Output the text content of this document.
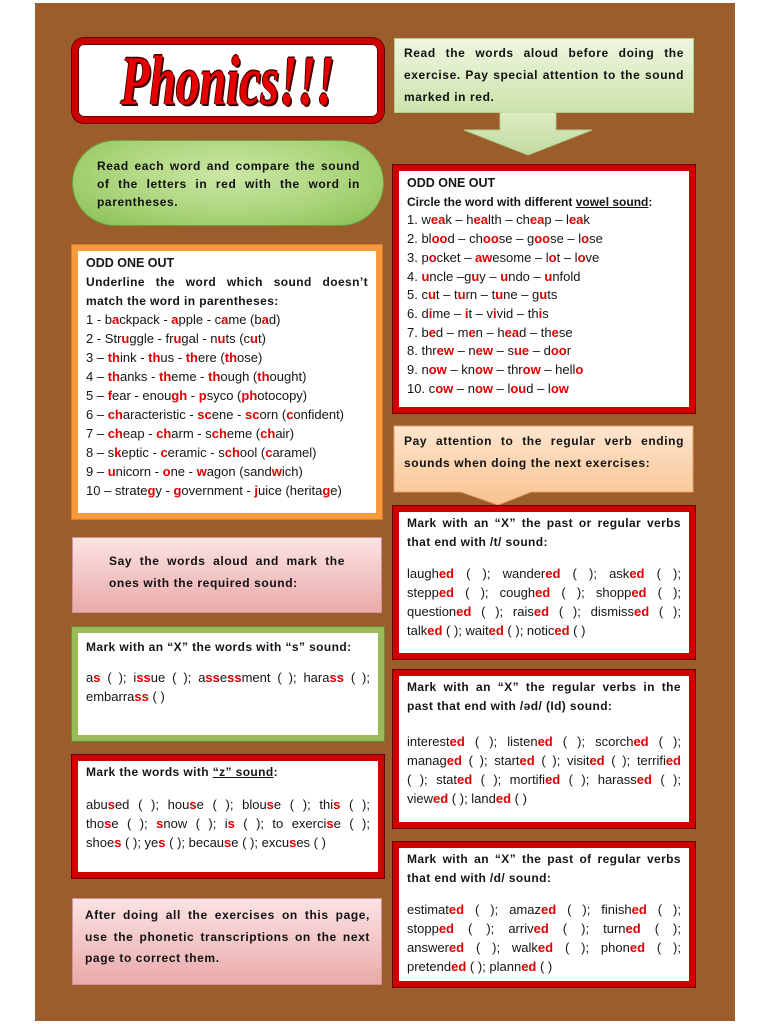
Phonics!!!	Read the words aloud before doing the exercise. Pay special attention to the sound marked in red.
Read each word and compare the sound of the letters in red with the word in parentheses.
ODD ONE OUT
Underline the word which sound doesn’t match the word in parentheses:
1 - backpack - apple - came (bad)
2 - Struggle - frugal - nuts (cut)
3 – think - thus - there (those)
4 – thanks - theme - though (thought)
5 – fear - enough - psyco (photocopy)
6 – characteristic - scene - scorn (confident)
7 – cheap - charm - scheme (chair)
8 – skeptic - ceramic - school (caramel)
9 – unicorn - one - wagon (sandwich)
10 – strategy - government - juice (heritage)
ODD ONE OUT
Circle the word with different vowel sound:
1. weak – health – cheap – leak
2. blood – choose – goose – lose
3. pocket – awesome – lot – love
4. uncle –guy – undo – unfold
5. cut – turn – tune – guts
6. dime – it – vivid – this
7. bed – men – head – these
8. threw – new – sue – door
9. now – know – throw – hello
10. cow – now – loud – low
Pay attention to the regular verb ending sounds when doing the next exercises:
Say the words aloud and mark the ones with the required sound:
Mark with an “X” the words with “s” sound:
as ( ); issue ( ); assessment ( ); harass ( );
embarrass ( )
Mark the words with “z” sound:
abused ( ); house ( ); blouse ( ); this ( );
those ( ); snow ( ); is ( ); to exercise ( );
shoes ( ); yes ( ); because ( ); excuses ( )
After doing all the exercises on this page, use the phonetic transcriptions on the next page to correct them.
Mark with an “X” the past or regular verbs that end with /t/ sound:
laughed ( ); wandered ( ); asked ( );
stepped ( ); coughed ( ); shopped ( );
questioned ( ); raised ( ); dismissed ( );
talked ( ); waited ( ); noticed ( )
Mark with an “X” the regular verbs in the past that end with /əd/ (Id) sound:
interested ( ); listened ( ); scorched ( );
managed ( ); started ( ); visited ( ); terrified
( ); stated ( ); mortified ( ); harassed ( );
viewed ( ); landed ( )
Mark with an “X” the past of regular verbs that end with /d/ sound:
estimated ( ); amazed ( ); finished ( );
stopped ( ); arrived ( ); turned ( );
answered ( ); walked ( ); phoned ( );
pretended ( ); planned ( )
